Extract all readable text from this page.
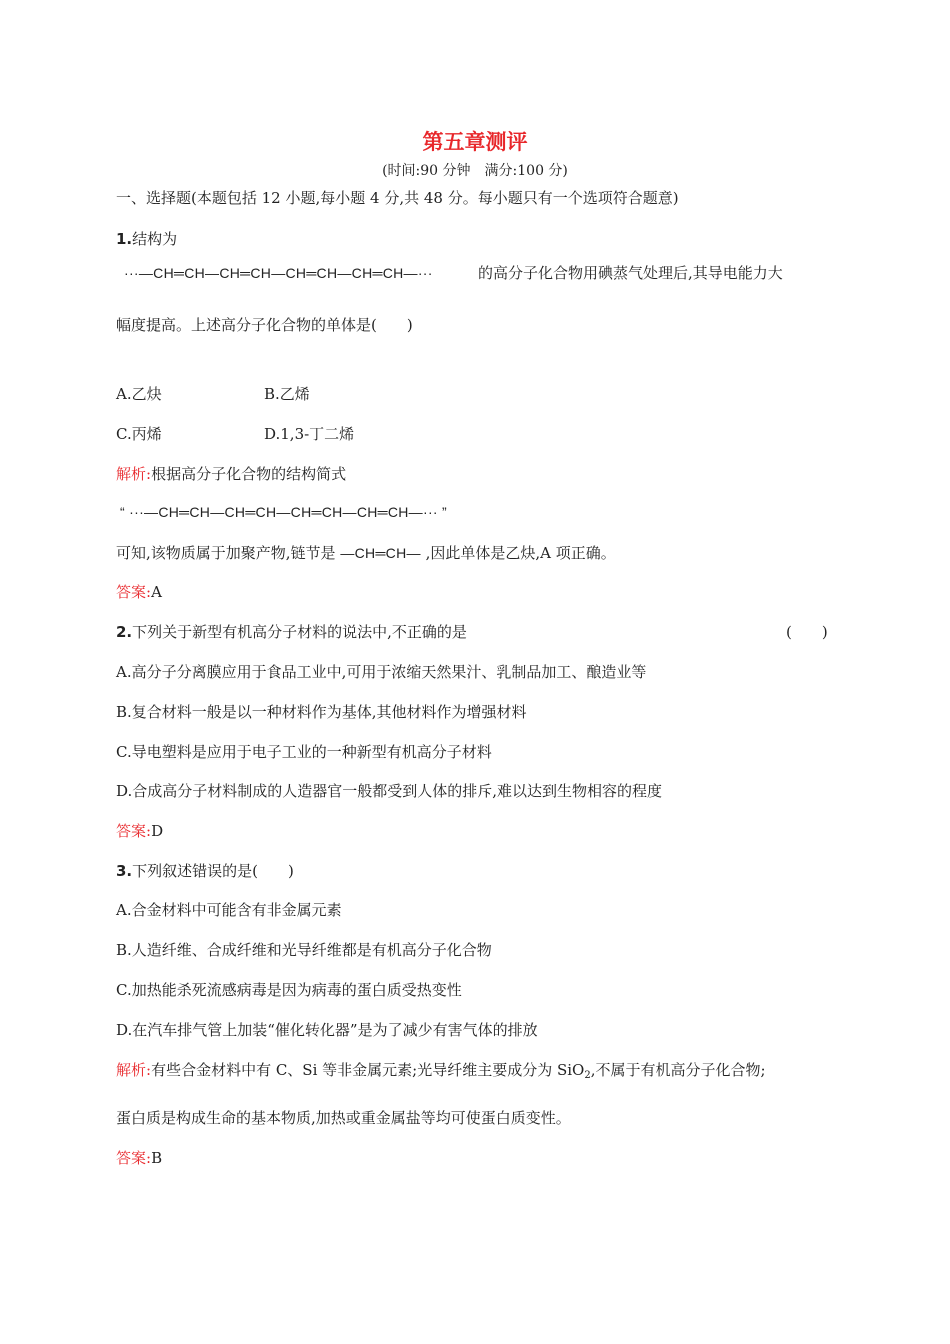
第五章测评
(时间:90 分钟　满分:100 分)
一、选择题(本题包括 12 小题,每小题 4 分,共 48 分。每小题只有一个选项符合题意)
1.结构为
···—CH═CH—CH═CH—CH═CH—CH═CH—···	的高分子化合物用碘蒸气处理后,其导电能力大
幅度提高。上述高分子化合物的单体是(　　)
A.乙炔	B.乙烯
C.丙烯	D.1,3-丁二烯
解析:根据高分子化合物的结构简式
“ ···—CH═CH—CH═CH—CH═CH—CH═CH—··· ”
可知,该物质属于加聚产物,链节是 —CH═CH— ,因此单体是乙炔,A 项正确。
答案:A
2.下列关于新型有机高分子材料的说法中,不正确的是	(　　)
A.高分子分离膜应用于食品工业中,可用于浓缩天然果汁、乳制品加工、酿造业等
B.复合材料一般是以一种材料作为基体,其他材料作为增强材料
C.导电塑料是应用于电子工业的一种新型有机高分子材料
D.合成高分子材料制成的人造器官一般都受到人体的排斥,难以达到生物相容的程度
答案:D
3.下列叙述错误的是(　　)
A.合金材料中可能含有非金属元素
B.人造纤维、合成纤维和光导纤维都是有机高分子化合物
C.加热能杀死流感病毒是因为病毒的蛋白质受热变性
D.在汽车排气管上加装“催化转化器”是为了减少有害气体的排放
解析:有些合金材料中有 C、Si 等非金属元素;光导纤维主要成分为 SiO$_2$,不属于有机高分子化合物;
蛋白质是构成生命的基本物质,加热或重金属盐等均可使蛋白质变性。
答案:B
